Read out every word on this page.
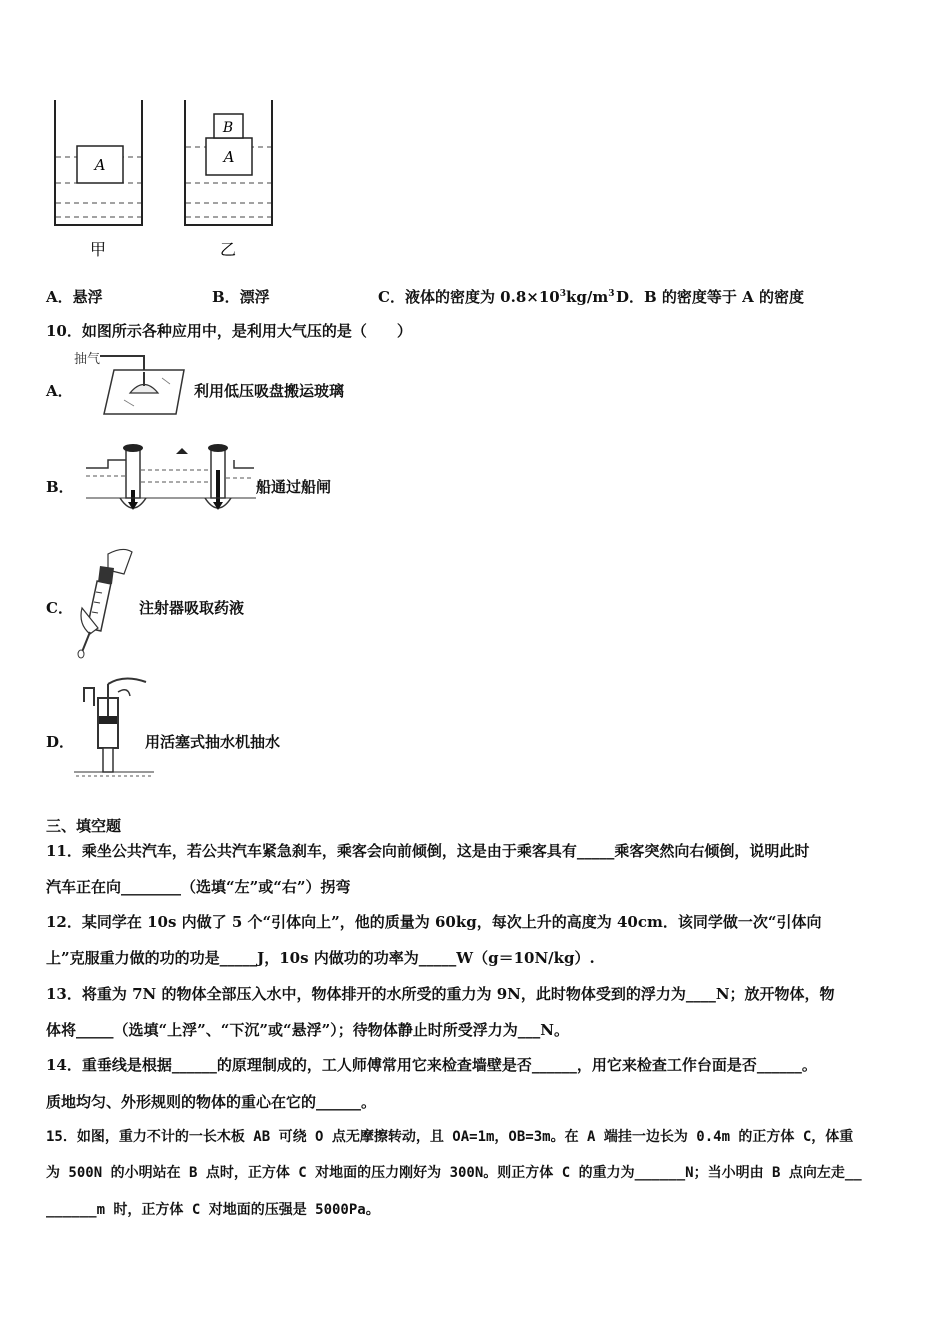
A
甲
A
B
乙
A．悬浮	B．漂浮	C．液体的密度为 $0.8\times 10^3kg/m^3$ D．B 的密度等于 A 的密度
10．如图所示各种应用中，是利用大气压的是（　　）
A．
抽气
利用低压吸盘搬运玻璃
B．	船通过船闸
C．	注射器吸取药液
D．	用活塞式抽水机抽水
三、填空题
11．乘坐公共汽车，若公共汽车紧急刹车，乘客会向前倾倒，这是由于乘客具有_____乘客突然向右倾倒，说明此时
汽车正在向________（选填“左”或“右”）拐弯
12．某同学在 10s 内做了 5 个“引体向上”，他的质量为 60kg，每次上升的高度为 40cm．该同学做一次“引体向
上”克服重力做的功的功是_____J，10s 内做功的功率为_____W（g＝10N/kg）.
13．将重为 7N 的物体全部压入水中，物体排开的水所受的重力为 9N，此时物体受到的浮力为____N；放开物体，物
体将_____（选填“上浮”、“下沉”或“悬浮”）；待物体静止时所受浮力为___N。
14．重垂线是根据______的原理制成的，工人师傅常用它来检查墙壁是否______，用它来检查工作台面是否______。
质地均匀、外形规则的物体的重心在它的______。
15．如图，重力不计的一长木板 AB 可绕 O 点无摩擦转动，且 OA=1m，OB=3m。在 A 端挂一边长为 0.4m 的正方体 C，体重
为 500N 的小明站在 B 点时，正方体 C 对地面的压力刚好为 300N。则正方体 C 的重力为______N；当小明由 B 点向左走__
______m 时，正方体 C 对地面的压强是 5000Pa。
